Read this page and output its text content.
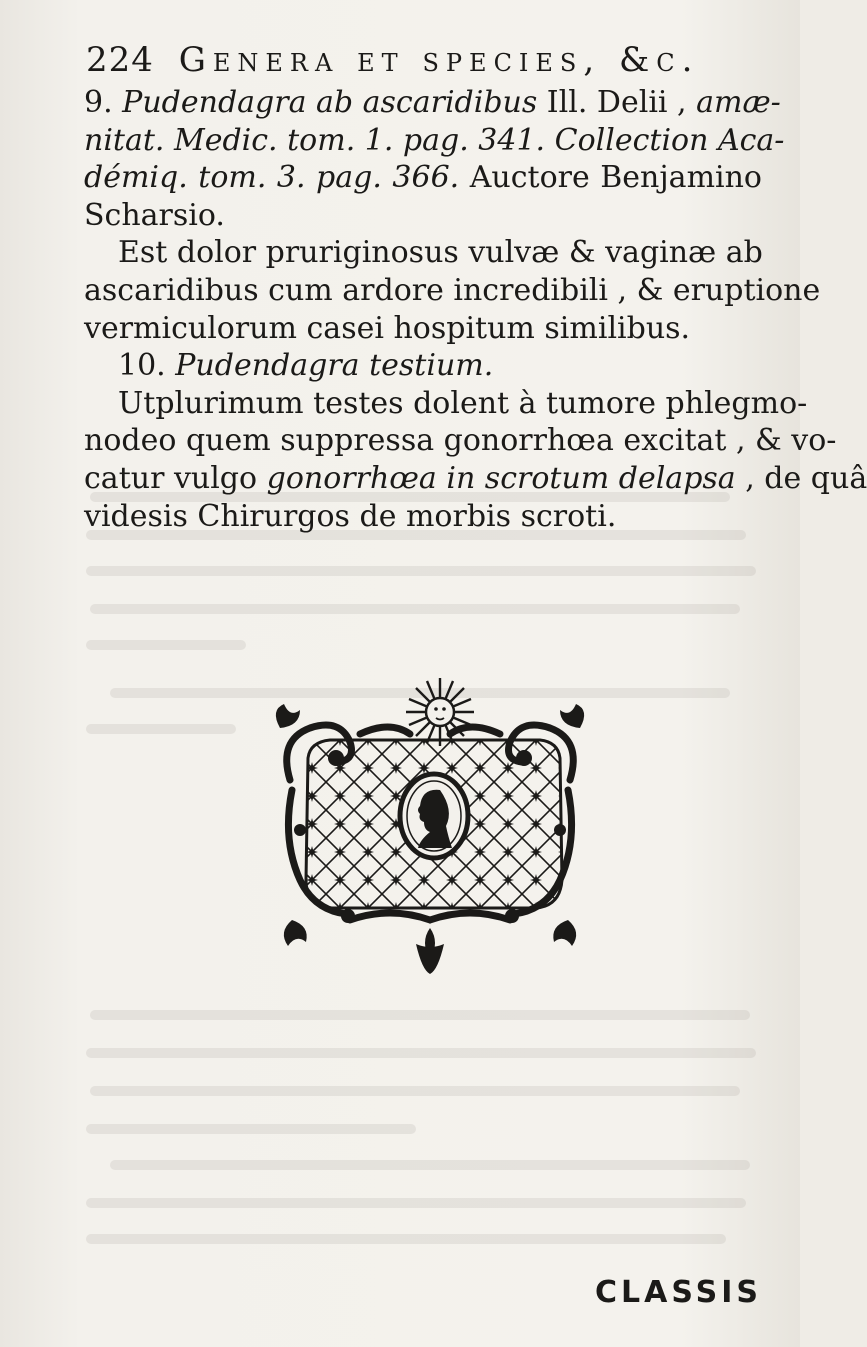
224 Genera et species, &c.

9. Pudendagra ab ascaridibus Ill. Delii , amæ-
nitat. Medic. tom. 1. pag. 341. Collection Aca-
démiq. tom. 3. pag. 366. Auctore Benjamino
Scharsio.

Est dolor pruriginosus vulvæ & vaginæ ab
ascaridibus cum ardore incredibili , & eruptione
vermiculorum casei hospitum similibus.

10. Pudendagra testium.

Utplurimum testes dolent à tumore phlegmo-
nodeo quem suppressa gonorrhœa excitat , & vo-
catur vulgo gonorrhœa in scrotum delapsa , de quâ
videsis Chirurgos de morbis scroti.

CLASSIS
